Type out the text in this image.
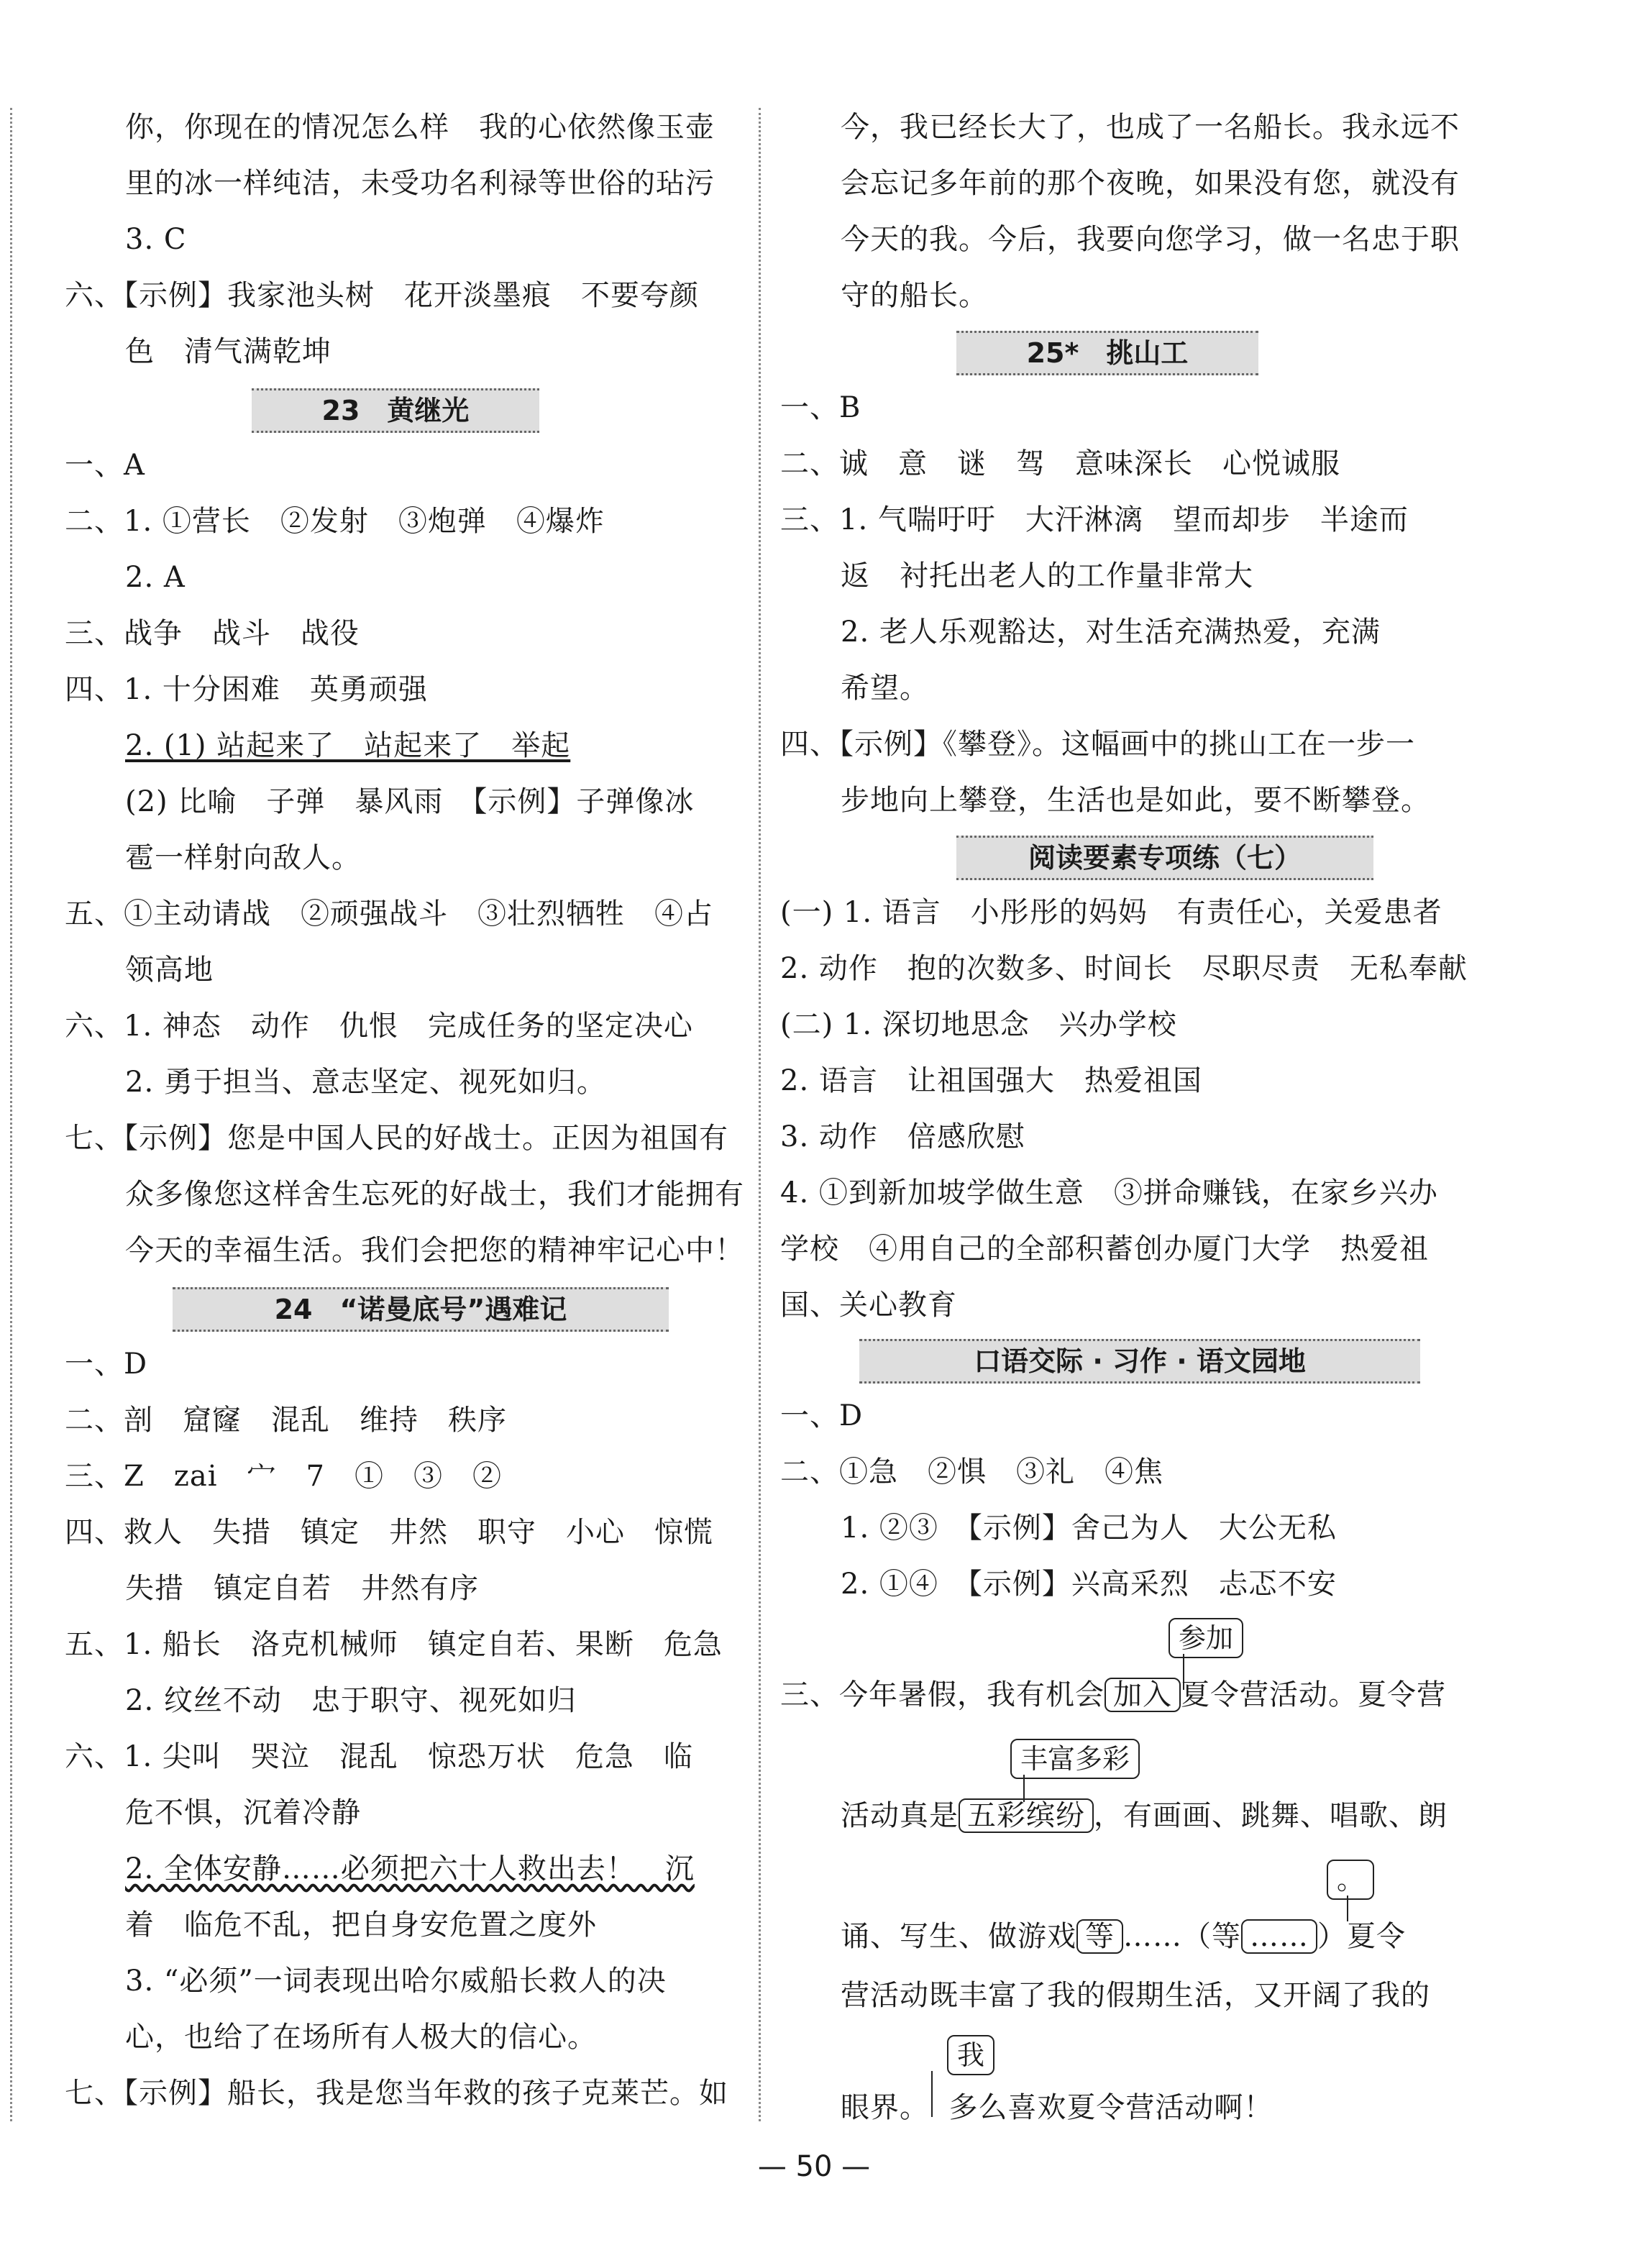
你，你现在的情况怎么样　我的心依然像玉壶
里的冰一样纯洁，未受功名利禄等世俗的玷污
3. C
六、【示例】我家池头树　花开淡墨痕　不要夸颜
色　清气满乾坤
23　黄继光
一、A
二、1. ①营长　②发射　③炮弹　④爆炸
2. A
三、战争　战斗　战役
四、1. 十分困难　英勇顽强
2. (1) 站起来了　站起来了　举起
(2) 比喻　子弹　暴风雨　【示例】子弹像冰
雹一样射向敌人。
五、①主动请战　②顽强战斗　③壮烈牺牲　④占
领高地
六、1. 神态　动作　仇恨　完成任务的坚定决心
2. 勇于担当、意志坚定、视死如归。
七、【示例】您是中国人民的好战士。正因为祖国有
众多像您这样舍生忘死的好战士，我们才能拥有
今天的幸福生活。我们会把您的精神牢记心中！
24　“诺曼底号”遇难记
一、D
二、剖　窟窿　混乱　维持　秩序
三、Z　zai　宀　7　①　③　②
四、救人　失措　镇定　井然　职守　小心　惊慌
失措　镇定自若　井然有序
五、1. 船长　洛克机械师　镇定自若、果断　危急
2. 纹丝不动　忠于职守、视死如归
六、1. 尖叫　哭泣　混乱　惊恐万状　危急　临
危不惧，沉着冷静
2. 全体安静……必须把六十人救出去！　沉
着　临危不乱，把自身安危置之度外
3. “必须”一词表现出哈尔威船长救人的决
心，也给了在场所有人极大的信心。
七、【示例】船长，我是您当年救的孩子克莱芒。如
今，我已经长大了，也成了一名船长。我永远不
会忘记多年前的那个夜晚，如果没有您，就没有
今天的我。今后，我要向您学习，做一名忠于职
守的船长。
25*　挑山工
一、B
二、诚　意　谜　驾　意味深长　心悦诚服
三、1. 气喘吁吁　大汗淋漓　望而却步　半途而
返　衬托出老人的工作量非常大
2. 老人乐观豁达，对生活充满热爱，充满
希望。
四、【示例】《攀登》。这幅画中的挑山工在一步一
步地向上攀登，生活也是如此，要不断攀登。
阅读要素专项练（七）
(一) 1. 语言　小彤彤的妈妈　有责任心，关爱患者
2. 动作　抱的次数多、时间长　尽职尽责　无私奉献
(二) 1. 深切地思念　兴办学校
2. 语言　让祖国强大　热爱祖国
3. 动作　倍感欣慰
4. ①到新加坡学做生意　③拼命赚钱，在家乡兴办
学校　④用自己的全部积蓄创办厦门大学　热爱祖
国、关心教育
口语交际 · 习作 · 语文园地
一、D
二、①急　②惧　③礼　④焦
1. ②③　【示例】舍己为人　大公无私
2. ①④　【示例】兴高采烈　忐忑不安
参加
三、今年暑假，我有机会 加入 夏令营活动。夏令营
丰富多彩
活动真是 五彩缤纷 ，有画画、跳舞、唱歌、朗
。
诵、写生、做游戏 等 ……（等 …… ）夏令
营活动既丰富了我的假期生活，又开阔了我的
我
眼界。 多么喜欢夏令营活动啊！
— 50 —
